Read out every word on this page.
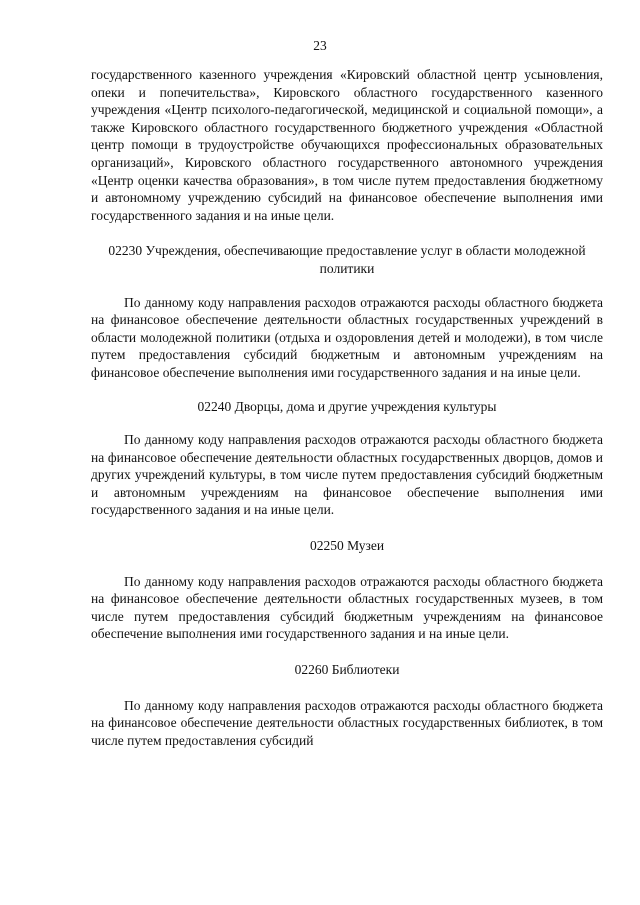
23

государственного казенного учреждения «Кировский областной центр усыновления, опеки и попечительства», Кировского областного государственного казенного учреждения «Центр психолого-педагогической, медицинской и социальной помощи», а также Кировского областного государственного бюджетного учреждения «Областной центр помощи в трудоустройстве обучающихся профессиональных образовательных организаций», Кировского областного государственного автономного учреждения «Центр оценки качества образования», в том числе путем предоставления бюджетному и автономному учреждению субсидий на финансовое обеспечение выполнения ими государственного задания и на иные цели.

02230 Учреждения, обеспечивающие предоставление услуг в области молодежной политики

По данному коду направления расходов отражаются расходы областного бюджета на финансовое обеспечение деятельности областных государственных учреждений в области молодежной политики (отдыха и оздоровления детей и молодежи), в том числе путем предоставления субсидий бюджетным и автономным учреждениям на финансовое обеспечение выполнения ими государственного задания и на иные цели.

02240 Дворцы, дома и другие учреждения культуры

По данному коду направления расходов отражаются расходы областного бюджета на финансовое обеспечение деятельности областных государственных дворцов, домов и других учреждений культуры, в том числе путем предоставления субсидий бюджетным и автономным учреждениям на финансовое обеспечение выполнения ими государственного задания и на иные цели.

02250 Музеи

По данному коду направления расходов отражаются расходы областного бюджета на финансовое обеспечение деятельности областных государственных музеев, в том числе путем предоставления субсидий бюджетным учреждениям на финансовое обеспечение выполнения ими государственного задания и на иные цели.

02260 Библиотеки

По данному коду направления расходов отражаются расходы областного бюджета на финансовое обеспечение деятельности областных государственных библиотек, в том числе путем предоставления субсидий
